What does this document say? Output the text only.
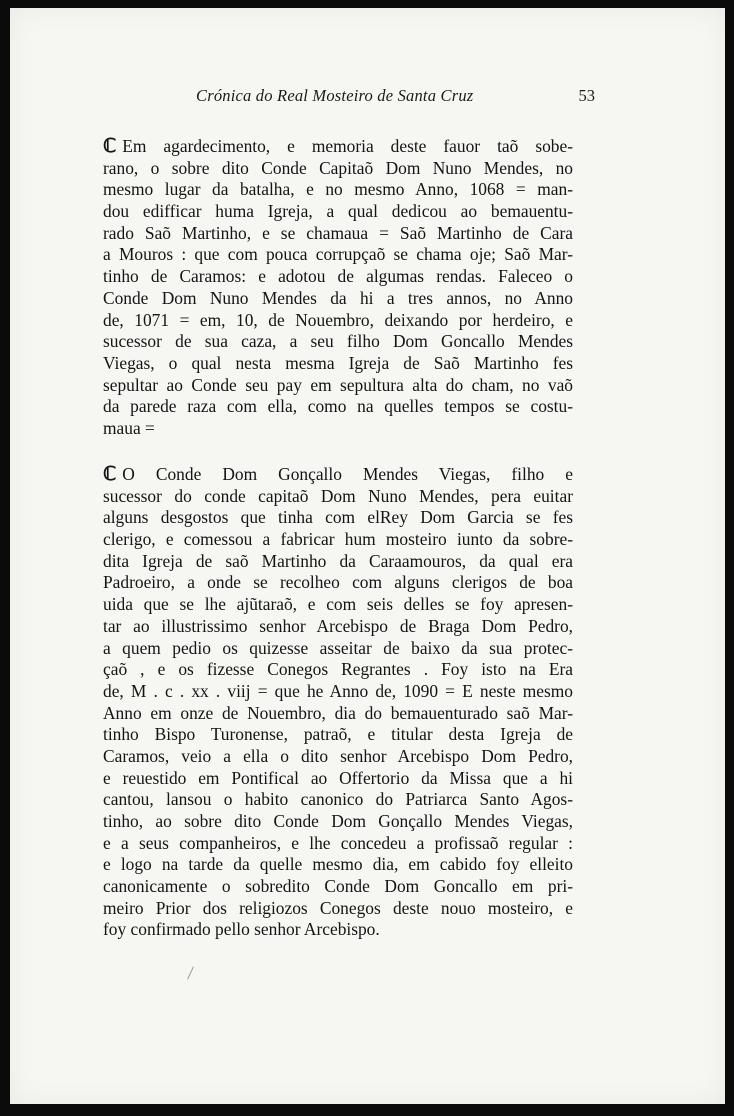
Crónica do Real Mosteiro de Santa Cruz	53
ℂ Em agardecimento, e memoria deste fauor taõ sobe-
rano, o sobre dito Conde Capitaõ Dom Nuno Mendes, no
mesmo lugar da batalha, e no mesmo Anno, 1068 = man-
dou edifficar huma Igreja, a qual dedicou ao bemauentu-
rado Saõ Martinho, e se chamaua = Saõ Martinho de Cara
a Mouros : que com pouca corrupçaõ se chama oje; Saõ Mar-
tinho de Caramos: e adotou de algumas rendas. Faleceo o
Conde Dom Nuno Mendes da hi a tres annos, no Anno
de, 1071 = em, 10, de Nouembro, deixando por herdeiro, e
sucessor de sua caza, a seu filho Dom Goncallo Mendes
Viegas, o qual nesta mesma Igreja de Saõ Martinho fes
sepultar ao Conde seu pay em sepultura alta do cham, no vaõ
da parede raza com ella, como na quelles tempos se costu-
maua =
ℂ O Conde Dom Gonçallo Mendes Viegas, filho e
sucessor do conde capitaõ Dom Nuno Mendes, pera euitar
alguns desgostos que tinha com elRey Dom Garcia se fes
clerigo, e comessou a fabricar hum mosteiro iunto da sobre-
dita Igreja de saõ Martinho da Caraamouros, da qual era
Padroeiro, a onde se recolheo com alguns clerigos de boa
uida que se lhe ajũtaraõ, e com seis delles se foy apresen-
tar ao illustrissimo senhor Arcebispo de Braga Dom Pedro,
a quem pedio os quizesse asseitar de baixo da sua protec-
çaõ , e os fizesse Conegos Regrantes . Foy isto na Era
de, M . c . xx . viij = que he Anno de, 1090 = E neste mesmo
Anno em onze de Nouembro, dia do bemauenturado saõ Mar-
tinho Bispo Turonense, patraõ, e titular desta Igreja de
Caramos, veio a ella o dito senhor Arcebispo Dom Pedro,
e reuestido em Pontifical ao Offertorio da Missa que a hi
cantou, lansou o habito canonico do Patriarca Santo Agos-
tinho, ao sobre dito Conde Dom Gonçallo Mendes Viegas,
e a seus companheiros, e lhe concedeu a profissaõ regular :
e logo na tarde da quelle mesmo dia, em cabido foy elleito
canonicamente o sobredito Conde Dom Goncallo em pri-
meiro Prior dos religiozos Conegos deste nouo mosteiro, e
foy confirmado pello senhor Arcebispo.
